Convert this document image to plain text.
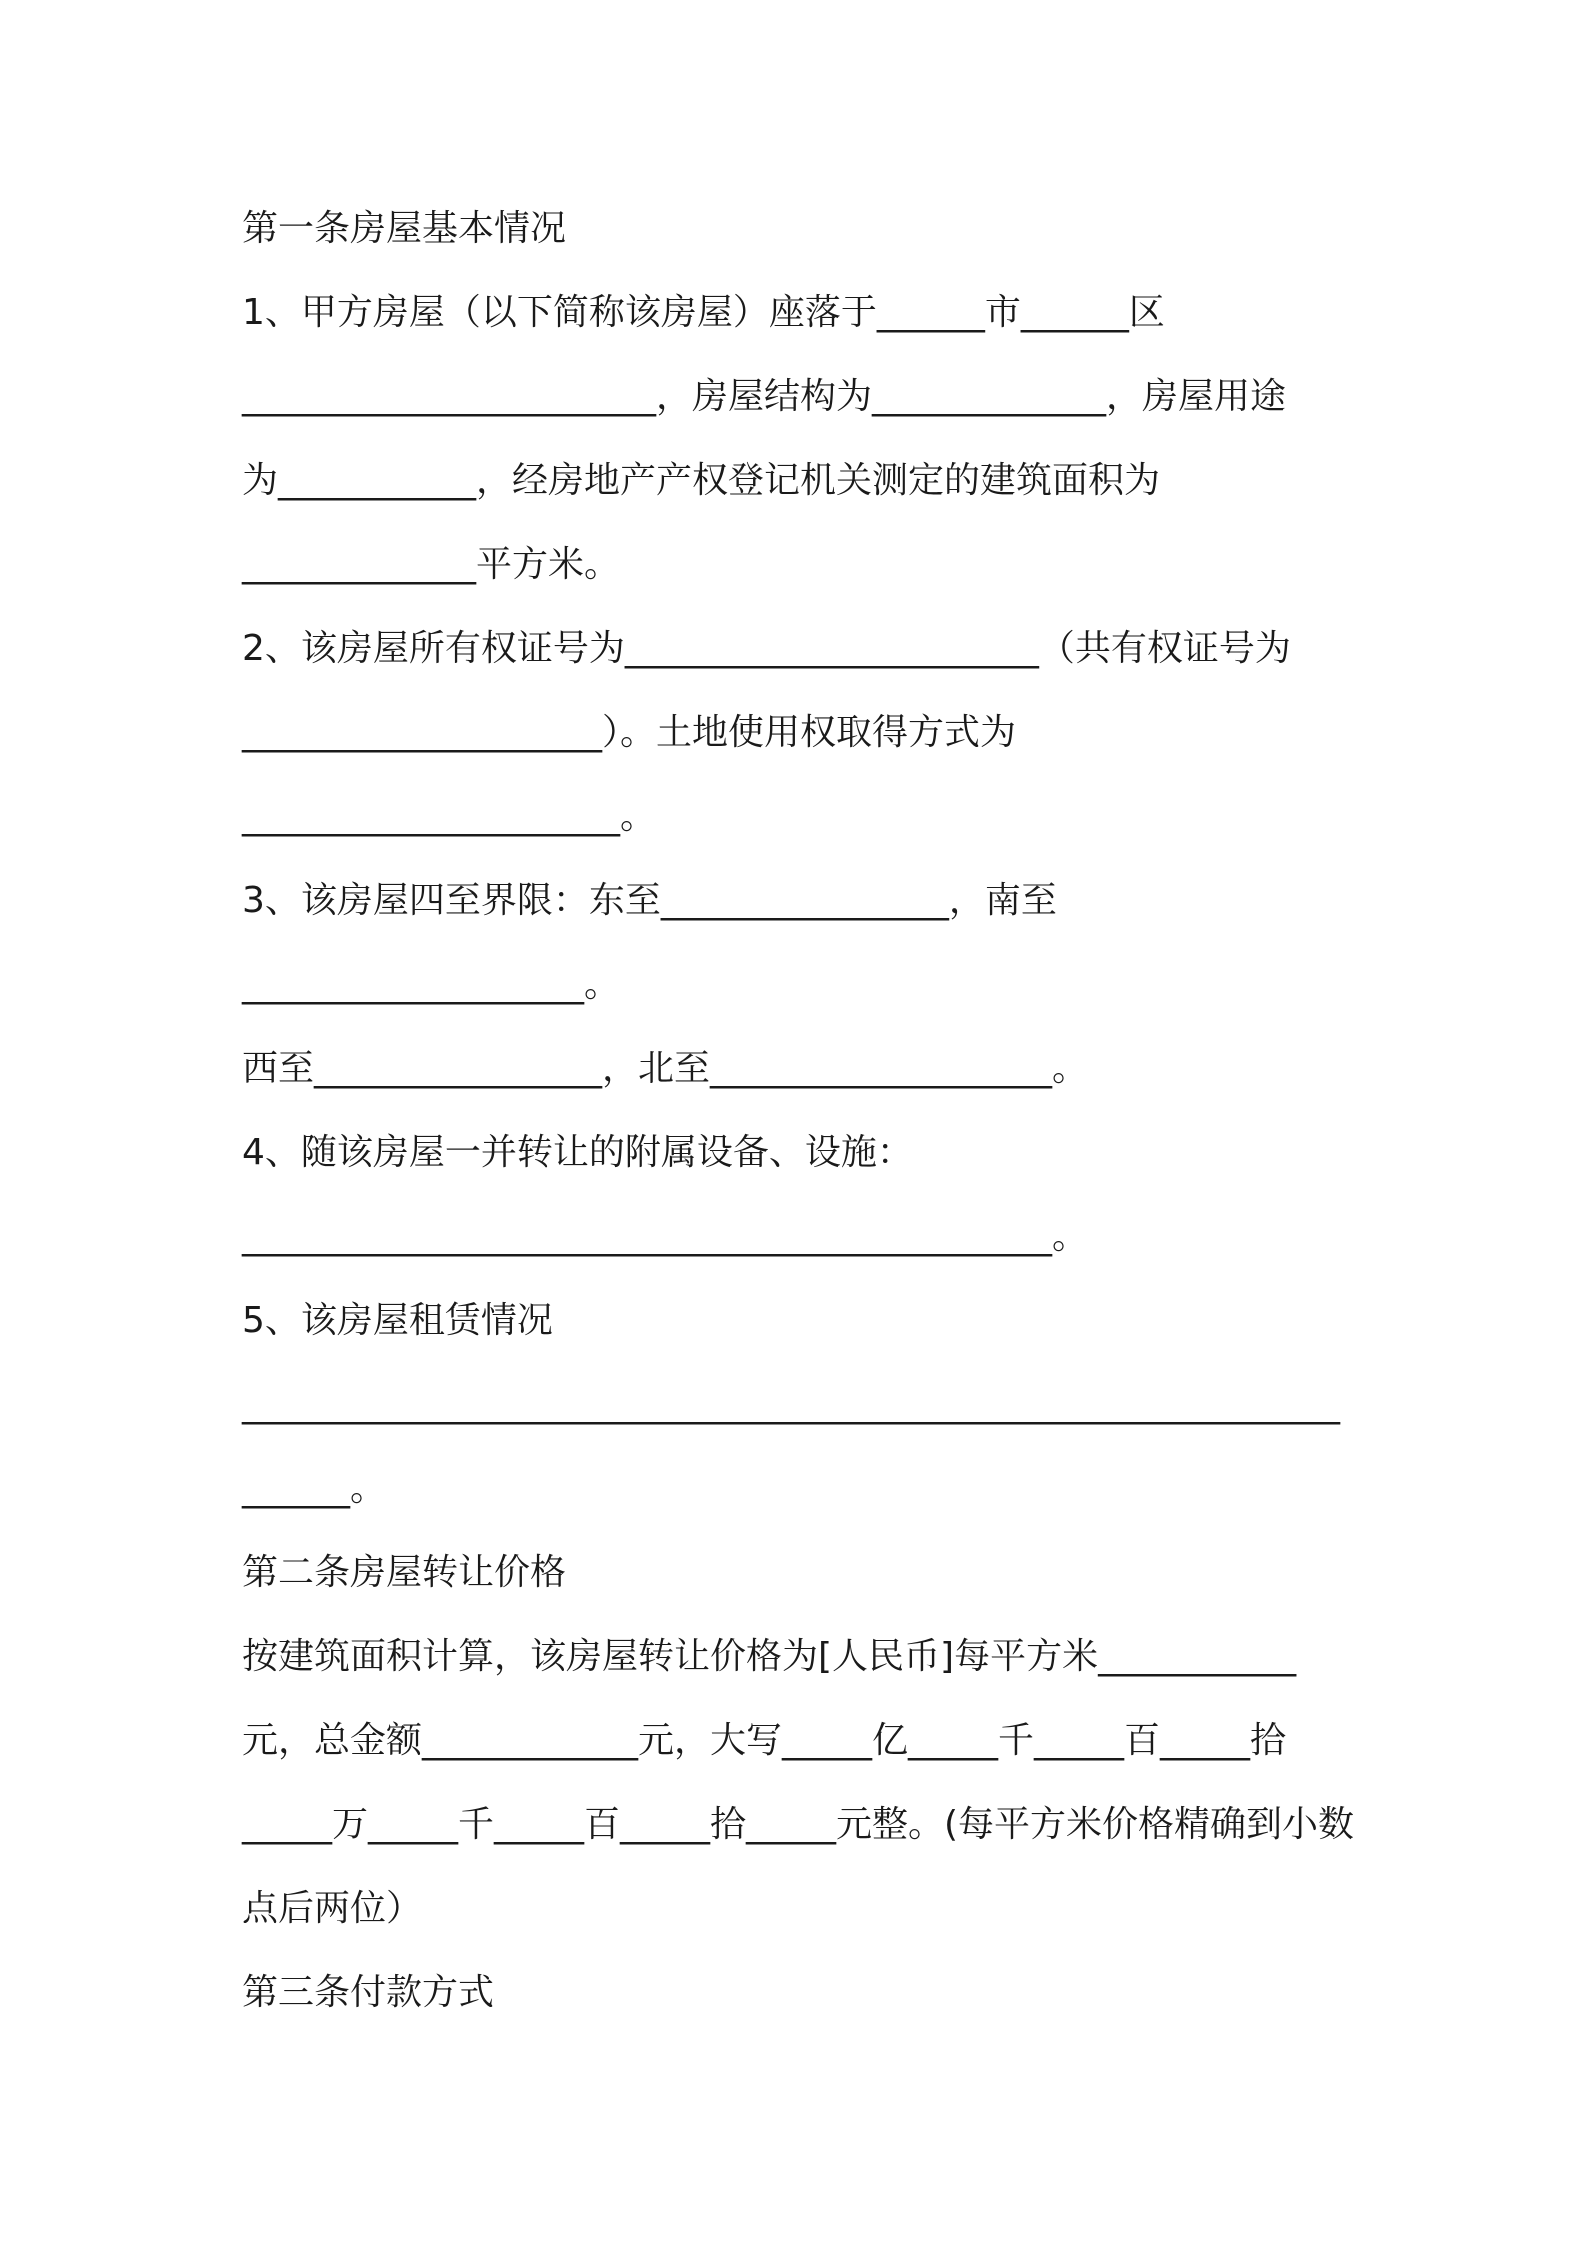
第一条房屋基本情况
1、甲方房屋（以下简称该房屋）座落于______市______区
_______________________，房屋结构为_____________，房屋用途
为___________，经房地产产权登记机关测定的建筑面积为
_____________平方米。
2、该房屋所有权证号为_______________________（共有权证号为
____________________）。土地使用权取得方式为
_____________________。
3、该房屋四至界限：东至________________，南至
___________________。
西至________________，北至___________________。
4、随该房屋一并转让的附属设备、设施：
_____________________________________________。
5、该房屋租赁情况
_____________________________________________________________
______。
第二条房屋转让价格
按建筑面积计算，该房屋转让价格为[人民币]每平方米___________
元，总金额____________元，大写_____亿_____千_____百_____拾
_____万_____千_____百_____拾_____元整。(每平方米价格精确到小数
点后两位）
第三条付款方式
